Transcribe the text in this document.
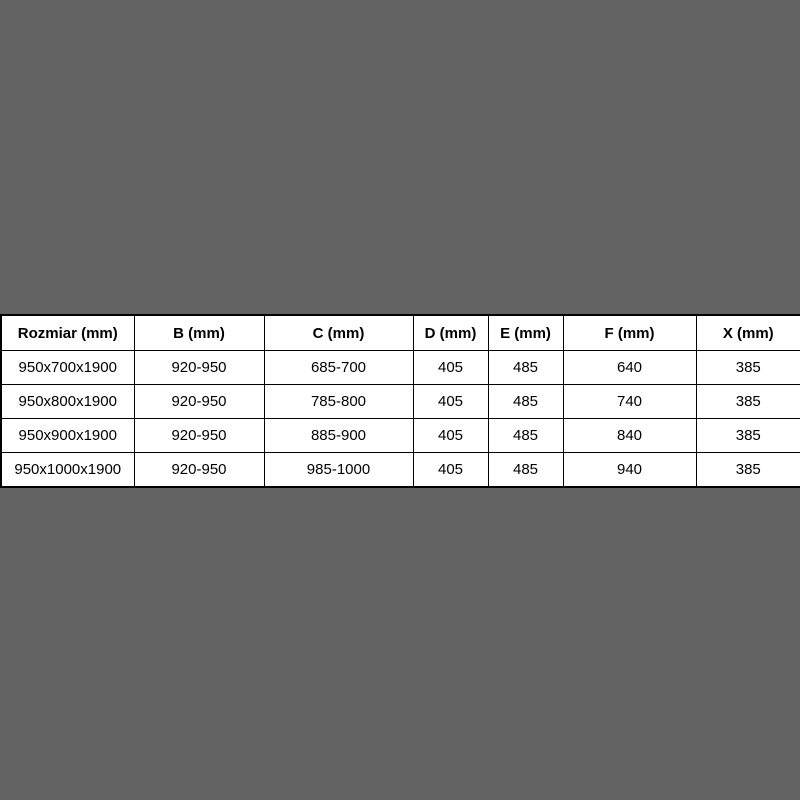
Rozmiar (mm)	B (mm)	C (mm)	D (mm)	E (mm)	F (mm)	X (mm)
950x700x1900	920-950	685-700	405	485	640	385
950x800x1900	920-950	785-800	405	485	740	385
950x900x1900	920-950	885-900	405	485	840	385
950x1000x1900	920-950	985-1000	405	485	940	385
